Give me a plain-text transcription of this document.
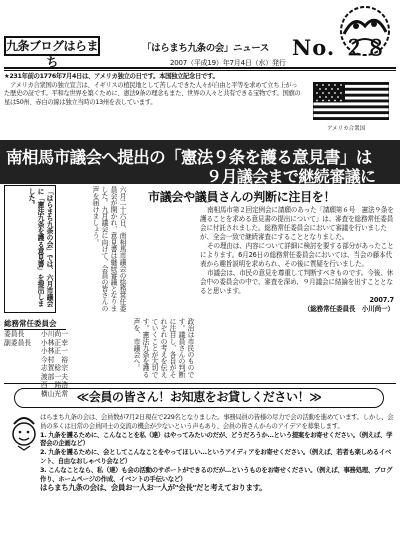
九条ブログはらまち
「はらまち九条の会」ニュース No. ２８
2007（平成19）年7月4日（水）発行
★231年前の1776年7月4日は、アメリカ独立の日です。本国独立記念日です。
　アメリカ合衆国の独立宣言は、イギリスの植民地として苦しんできた人々が自由と平等を求めて立ち上がった歴史の証です。平和な世界を築くために、憲法9条の理念もまた、世界の人々と共有できる宝物です。国旗の星は50州、赤白の線は独立当時の13州を表しています。
アメリカ合衆国
南相馬市議会へ提出の「憲法９条を護る意見書」は
９月議会まで継続審議に
市議会や議員さんの判断に注目を！
「はらまち九条の会」では、六月市議会に「憲法九条を護る意見書」を提出しました。	六月二十六日、南相馬市議会の総務常任委員会が開かれ、意見書は継続審議となりました。九月議会に向けて、会員の皆さんの声を届けましょう。
政治は市民のものです。議員さんの判断に注目し、各自がそれぞれの考えを伝えていくことが大切です。憲法九条を護る声を、市議会へ。
総務常任委員会
委員長 小川尚一
副委員長 小林正幸
小林正一
今村　裕
志賀稔宗
渡部一夫
西　銘浩
横山光常

南相馬市第２回定例会に請願のあった「請願第６号　憲法９条を護ることを求める意見書の提出について」は、審査を総務常任委員会に付託されました。総務常任委員会において審議を行いましたが、全会一致で継続審査にすることとなりました。

その理由は、内容について詳細に検討を要する部分があったことによります。6月26日の総務常任委員会においては、当会の藤本代表から趣旨説明を求められ、その後に質疑を行いました。

市議会は、市民の意見を尊重して判断すべきものです。今後、休会中の委員会の中で、審査を深め、９月議会に結論を出すこととなると思います。

2007.7
（総務常任委員長　小川尚一）
≪会員の皆さん！お知恵をお貸しください！≫

はらまち九条の会は、会員数が7月2日現在で229名となりました。事務局員の皆様の尽力で会の活動を進めています。しかし、会員の多くは日常の会員同士の交流の機会が少ないという声もあり、会員の皆さんからのアイデアを募集します。

1. 九条を護るために、こんなことを私（達）はやってみたいのだが、どうだろうか…という提案をお寄せください。（例えば、学習会の企画など）

2. 九条を護るために、会としてこんなことをやってほしい…というアイディアをお寄せください。（例えば、若者も楽しめるイベント、自由なおしゃべり会など）

3. こんなことなら、私（達）も会の活動のサポートができるのだが…というものをお寄せください。（例えば、事務処理、ブログ作り、ホームページの作成、イベントの手伝いなど）

はらまち九条の会は、会員お一人お一人が"会長"だと考えております。
